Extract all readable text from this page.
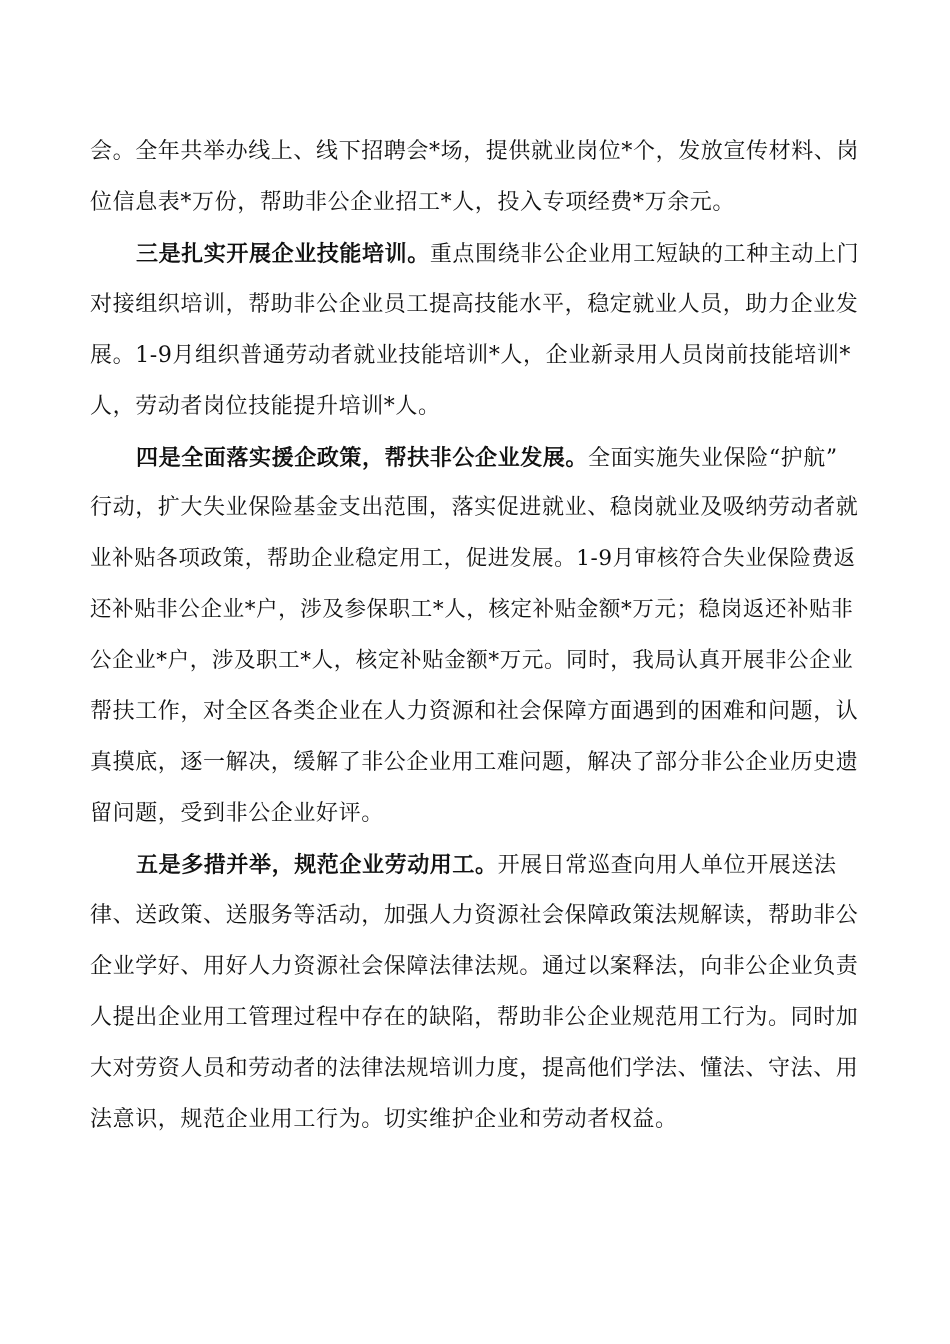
会。全年共举办线上、线下招聘会*场，提供就业岗位*个，发放宣传材料、岗

位信息表*万份，帮助非公企业招工*人，投入专项经费*万余元。

三是扎实开展企业技能培训。重点围绕非公企业用工短缺的工种主动上门

对接组织培训，帮助非公企业员工提高技能水平，稳定就业人员，助力企业发

展。1-9月组织普通劳动者就业技能培训*人，企业新录用人员岗前技能培训*

人，劳动者岗位技能提升培训*人。

四是全面落实援企政策，帮扶非公企业发展。全面实施失业保险“护航”

行动，扩大失业保险基金支出范围，落实促进就业、稳岗就业及吸纳劳动者就

业补贴各项政策，帮助企业稳定用工，促进发展。1-9月审核符合失业保险费返

还补贴非公企业*户，涉及参保职工*人，核定补贴金额*万元；稳岗返还补贴非

公企业*户，涉及职工*人，核定补贴金额*万元。同时，我局认真开展非公企业

帮扶工作，对全区各类企业在人力资源和社会保障方面遇到的困难和问题，认

真摸底，逐一解决，缓解了非公企业用工难问题，解决了部分非公企业历史遗

留问题，受到非公企业好评。

五是多措并举，规范企业劳动用工。开展日常巡查向用人单位开展送法

律、送政策、送服务等活动，加强人力资源社会保障政策法规解读，帮助非公

企业学好、用好人力资源社会保障法律法规。通过以案释法，向非公企业负责

人提出企业用工管理过程中存在的缺陷，帮助非公企业规范用工行为。同时加

大对劳资人员和劳动者的法律法规培训力度，提高他们学法、懂法、守法、用

法意识，规范企业用工行为。切实维护企业和劳动者权益。
